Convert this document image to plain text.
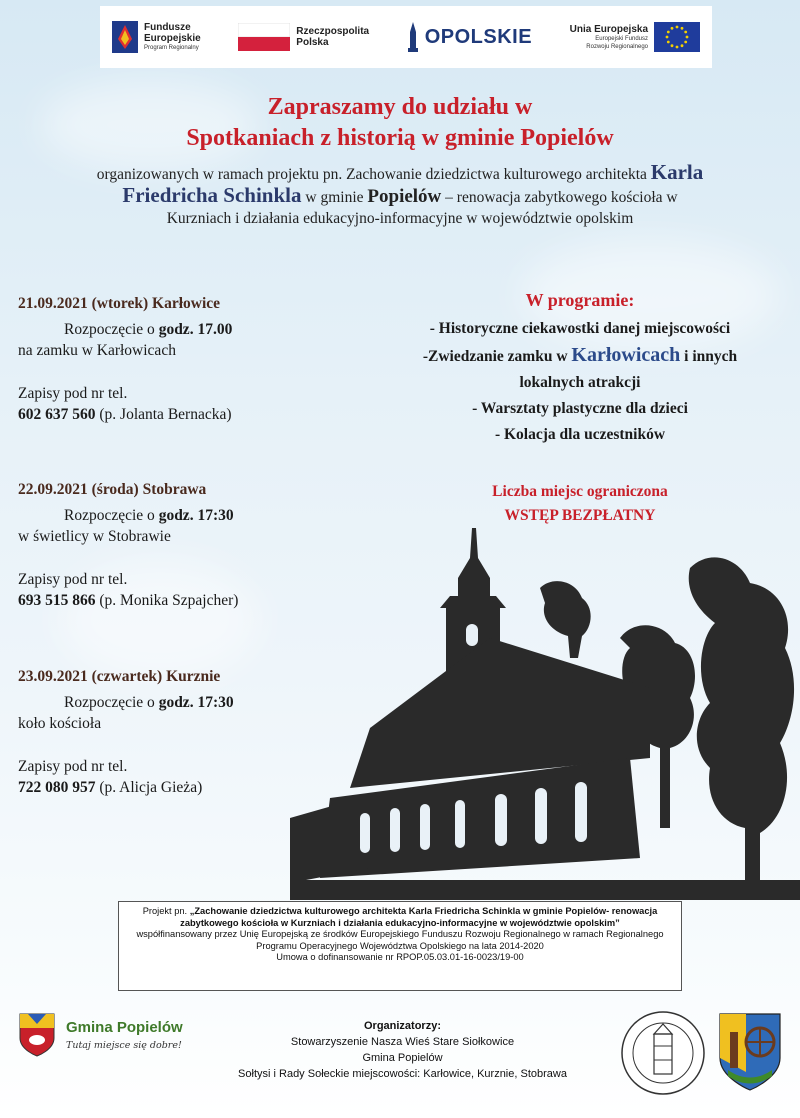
Fundusze
Europejskie
Program Regionalny
Rzeczpospolita
Polska	OPOLSKIE	Unia Europejska
Europejski Fundusz
Rozwoju Regionalnego
Zapraszamy do udziału w
Spotkaniach z historią w gminie Popielów
organizowanych w ramach projektu pn. Zachowanie dziedzictwa kulturowego architekta Karla Friedricha Schinkla w gminie Popielów – renowacja zabytkowego kościoła w Kurzniach i działania edukacyjno-informacyjne w województwie opolskim
21.09.2021 (wtorek) Karłowice
Rozpoczęcie o godz. 17.00
na zamku w Karłowicach
Zapisy pod nr tel.
602 637 560 (p. Jolanta Bernacka)
22.09.2021 (środa) Stobrawa
Rozpoczęcie o godz. 17:30
w świetlicy w Stobrawie
Zapisy pod nr tel.
693 515 866 (p. Monika Szpajcher)
23.09.2021 (czwartek) Kurznie
Rozpoczęcie o godz. 17:30
koło kościoła
Zapisy pod nr tel.
722 080 957 (p. Alicja Gieża)
W programie:
- Historyczne ciekawostki danej miejscowości
-Zwiedzanie zamku w Karłowicach i innych
lokalnych atrakcji
- Warsztaty plastyczne dla dzieci
- Kolacja dla uczestników
Liczba miejsc ograniczona
WSTĘP BEZPŁATNY
Projekt pn. „Zachowanie dziedzictwa kulturowego architekta Karla Friedricha Schinkla w gminie Popielów- renowacja zabytkowego kościoła w Kurzniach i działania edukacyjno-informacyjne w województwie opolskim”
współfinansowany przez Unię Europejską ze środków Europejskiego Funduszu Rozwoju Regionalnego w ramach Regionalnego Programu Operacyjnego Województwa Opolskiego na lata 2014-2020
Umowa o dofinansowanie nr RPOP.05.03.01-16-0023/19-00
Gmina Popielów
Tutaj miejsce się dobre!
Organizatorzy:
Stowarzyszenie Nasza Wieś Stare Siołkowice
Gmina Popielów
Sołtysi i Rady Sołeckie miejscowości: Karłowice, Kurznie, Stobrawa
